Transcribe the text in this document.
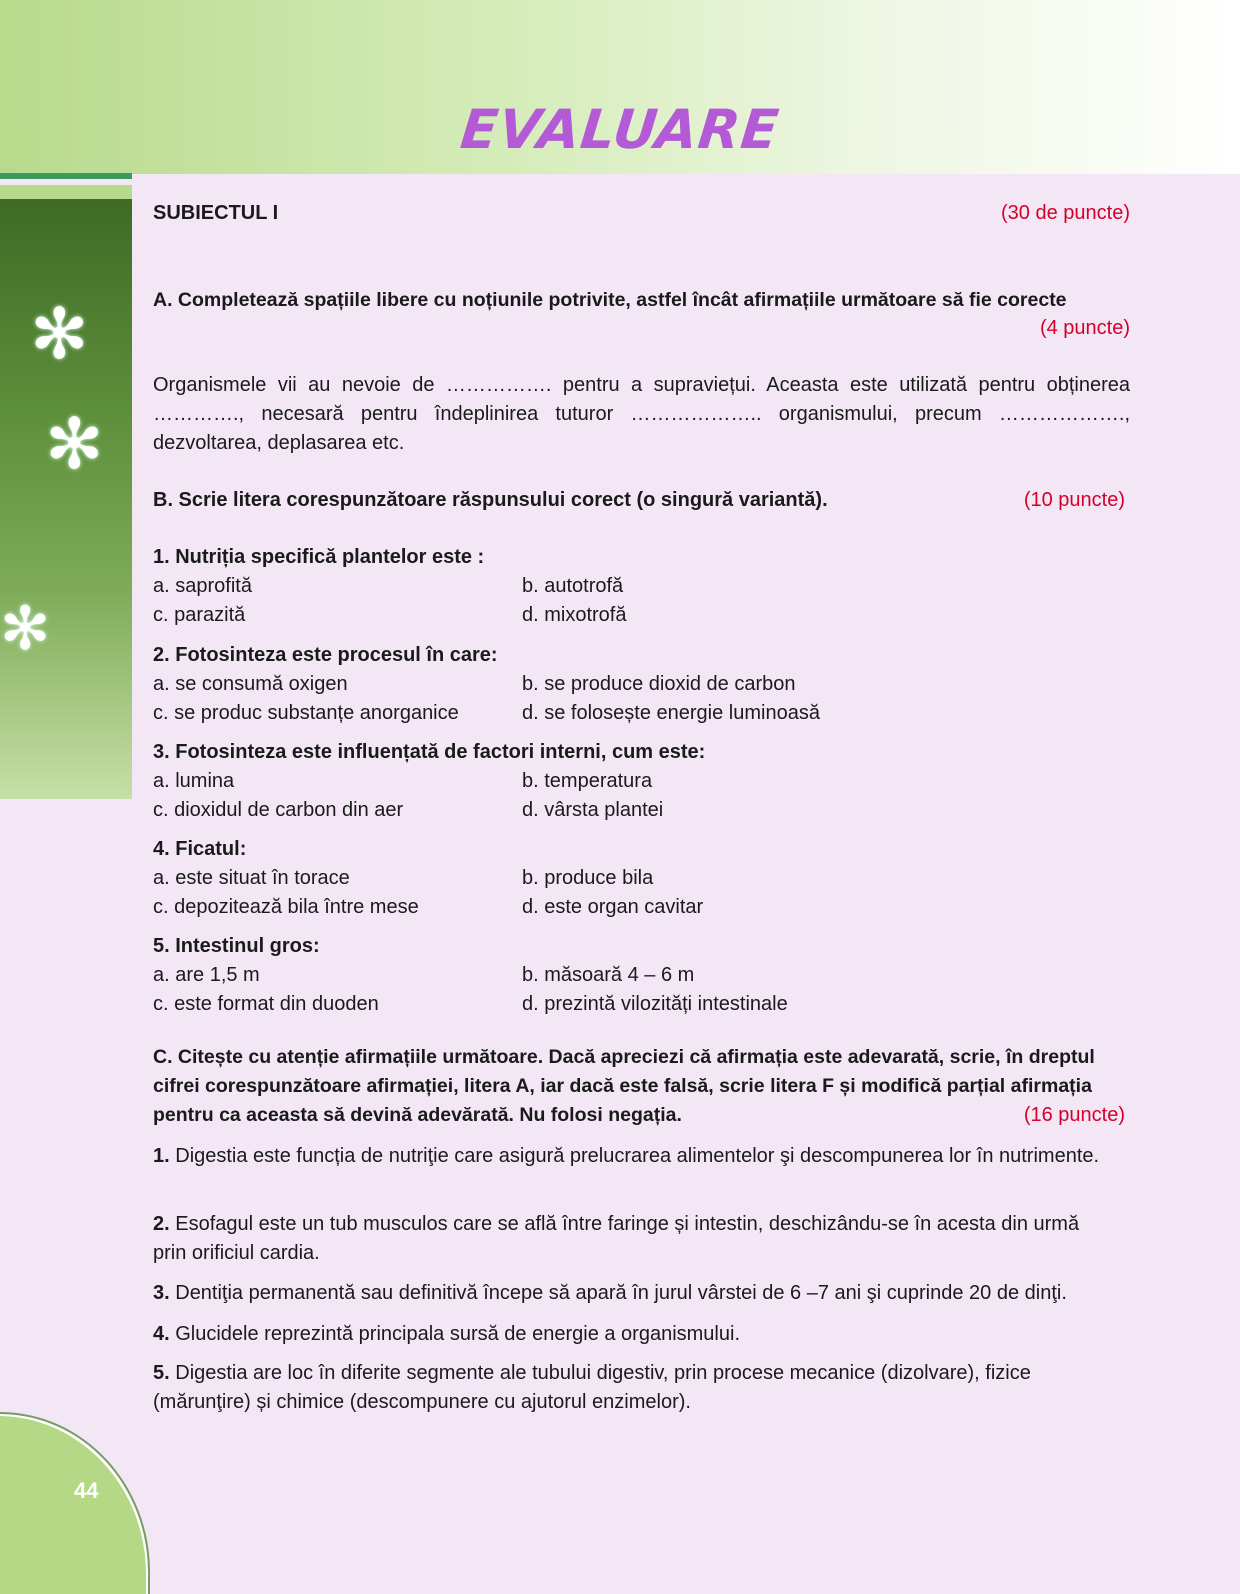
EVALUARE
✻
✻
✻
44
SUBIECTUL I	(30 de puncte)
A. Completează spațiile libere cu noțiunile potrivite, astfel încât afirmațiile următoare să fie corecte
(4 puncte)
Organismele vii au nevoie de ……………. pentru a supraviețui. Aceasta este utilizată pentru obținerea …………., necesară pentru îndeplinirea tuturor ……………….. organismului, precum ………………., dezvoltarea, deplasarea etc.
B. Scrie litera corespunzătoare răspunsului corect (o singură variantă).	(10 puncte)
1. Nutriția specifică plantelor este :
a. saprofită	b. autotrofă
c. parazită	d. mixotrofă
2. Fotosinteza este procesul în care:
a. se consumă oxigen	b. se produce dioxid de carbon
c. se produc substanțe anorganice	d. se folosește energie luminoasă
3. Fotosinteza este influențată de factori interni, cum este:
a. lumina	b. temperatura
c. dioxidul de carbon din aer	d. vârsta plantei
4. Ficatul:
a. este situat în torace	b. produce bila
c. depozitează bila între mese	d. este organ cavitar
5. Intestinul gros:
a. are 1,5 m	b. măsoară 4 – 6 m
c. este format din duoden	d. prezintă vilozități intestinale
C. Citește cu atenție afirmațiile următoare. Dacă apreciezi că afirmația este adevarată, scrie, în dreptul cifrei corespunzătoare afirmației, litera A, iar dacă este falsă, scrie litera F și modifică parțial afirmația pentru ca aceasta să devină adevărată. Nu folosi negația.	(16 puncte)
1. Digestia este funcția de nutriţie care asigură prelucrarea alimentelor şi descompunerea lor în nutrimente.
2. Esofagul este un tub musculos care se află între faringe și intestin, deschizându-se în acesta din urmă prin orificiul cardia.
3. Dentiţia permanentă sau definitivă începe să apară în jurul vârstei de 6 –7 ani şi cuprinde 20 de dinţi.
4. Glucidele reprezintă principala sursă de energie a organismului.
5. Digestia are loc în diferite segmente ale tubului digestiv, prin procese mecanice (dizolvare), fizice (mărunţire) și chimice (descompunere cu ajutorul enzimelor).
